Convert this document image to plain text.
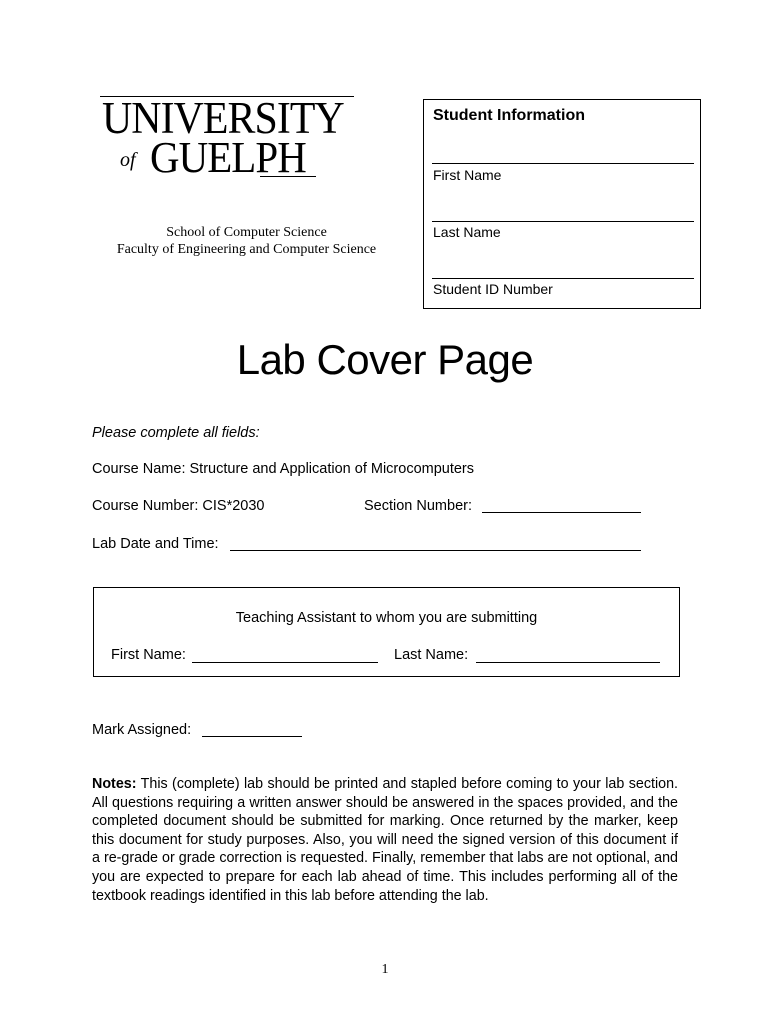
UNIVERSITY
of GUELPH
School of Computer Science
Faculty of Engineering and Computer Science
Student Information
First Name
Last Name
Student ID Number
Lab Cover Page
Please complete all fields:
Course Name: Structure and Application of Microcomputers
Course Number: CIS*2030	Section Number:
Lab Date and Time:
Teaching Assistant to whom you are submitting
First Name:	Last Name:
Mark Assigned:
Notes: This (complete) lab should be printed and stapled before coming to your lab section. All questions requiring a written answer should be answered in the spaces provided, and the completed document should be submitted for marking. Once returned by the marker, keep this document for study purposes. Also, you will need the signed version of this document if a re-grade or grade correction is requested. Finally, remember that labs are not optional, and you are expected to prepare for each lab ahead of time. This includes performing all of the textbook readings identified in this lab before attending the lab.
1
